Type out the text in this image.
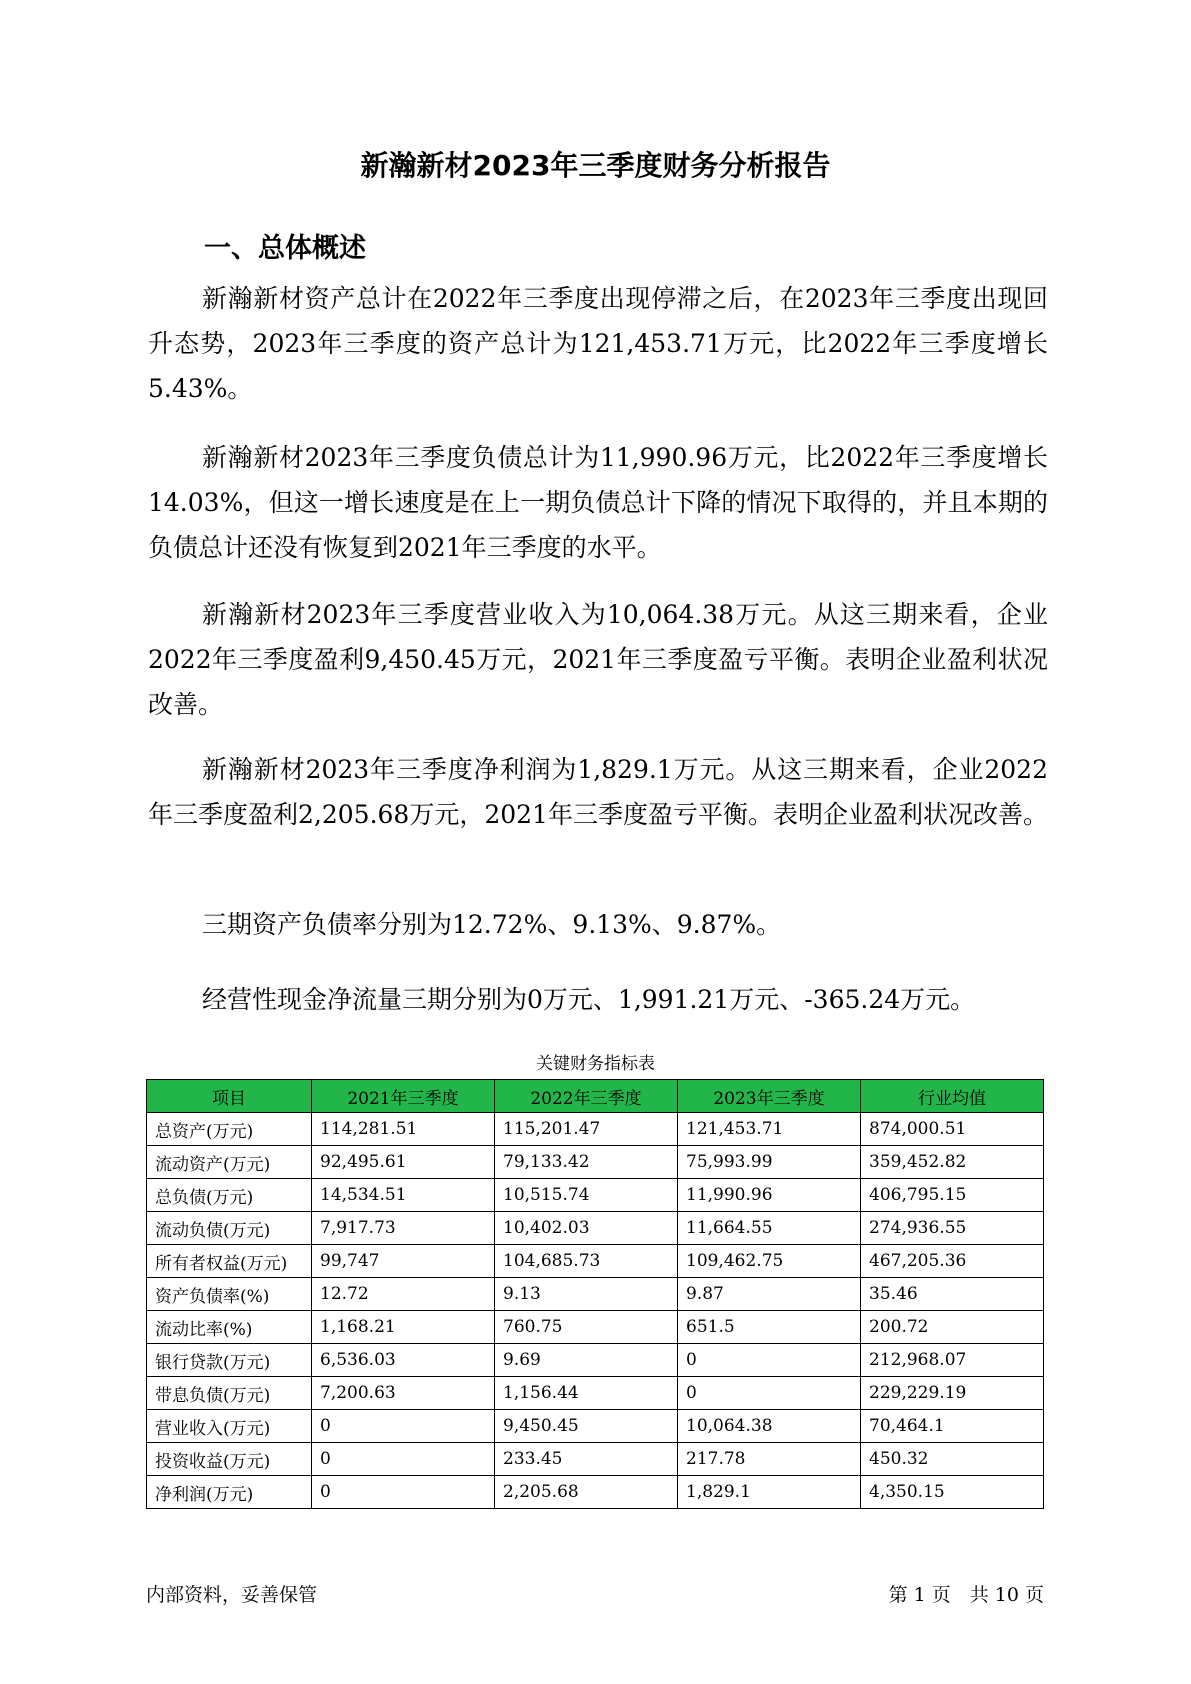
新瀚新材2023年三季度财务分析报告
一、总体概述

新瀚新材资产总计在2022年三季度出现停滞之后，在2023年三季度出现回升态势，2023年三季度的资产总计为121,453.71万元，比2022年三季度增长5.43%。

新瀚新材2023年三季度负债总计为11,990.96万元，比2022年三季度增长14.03%，但这一增长速度是在上一期负债总计下降的情况下取得的，并且本期的负债总计还没有恢复到2021年三季度的水平。

新瀚新材2023年三季度营业收入为10,064.38万元。从这三期来看，企业2022年三季度盈利9,450.45万元，2021年三季度盈亏平衡。表明企业盈利状况改善。

新瀚新材2023年三季度净利润为1,829.1万元。从这三期来看，企业2022年三季度盈利2,205.68万元，2021年三季度盈亏平衡。表明企业盈利状况改善。

三期资产负债率分别为12.72%、9.13%、9.87%。

经营性现金净流量三期分别为0万元、1,991.21万元、-365.24万元。

关键财务指标表
项目	2021年三季度	2022年三季度	2023年三季度	行业均值
总资产(万元)	114,281.51	115,201.47	121,453.71	874,000.51
流动资产(万元)	92,495.61	79,133.42	75,993.99	359,452.82
总负债(万元)	14,534.51	10,515.74	11,990.96	406,795.15
流动负债(万元)	7,917.73	10,402.03	11,664.55	274,936.55
所有者权益(万元)	99,747	104,685.73	109,462.75	467,205.36
资产负债率(%)	12.72	9.13	9.87	35.46
流动比率(%)	1,168.21	760.75	651.5	200.72
银行贷款(万元)	6,536.03	9.69	0	212,968.07
带息负债(万元)	7,200.63	1,156.44	0	229,229.19
营业收入(万元)	0	9,450.45	10,064.38	70,464.1
投资收益(万元)	0	233.45	217.78	450.32
净利润(万元)	0	2,205.68	1,829.1	4,350.15
内部资料，妥善保管	第 1 页　共 10 页
